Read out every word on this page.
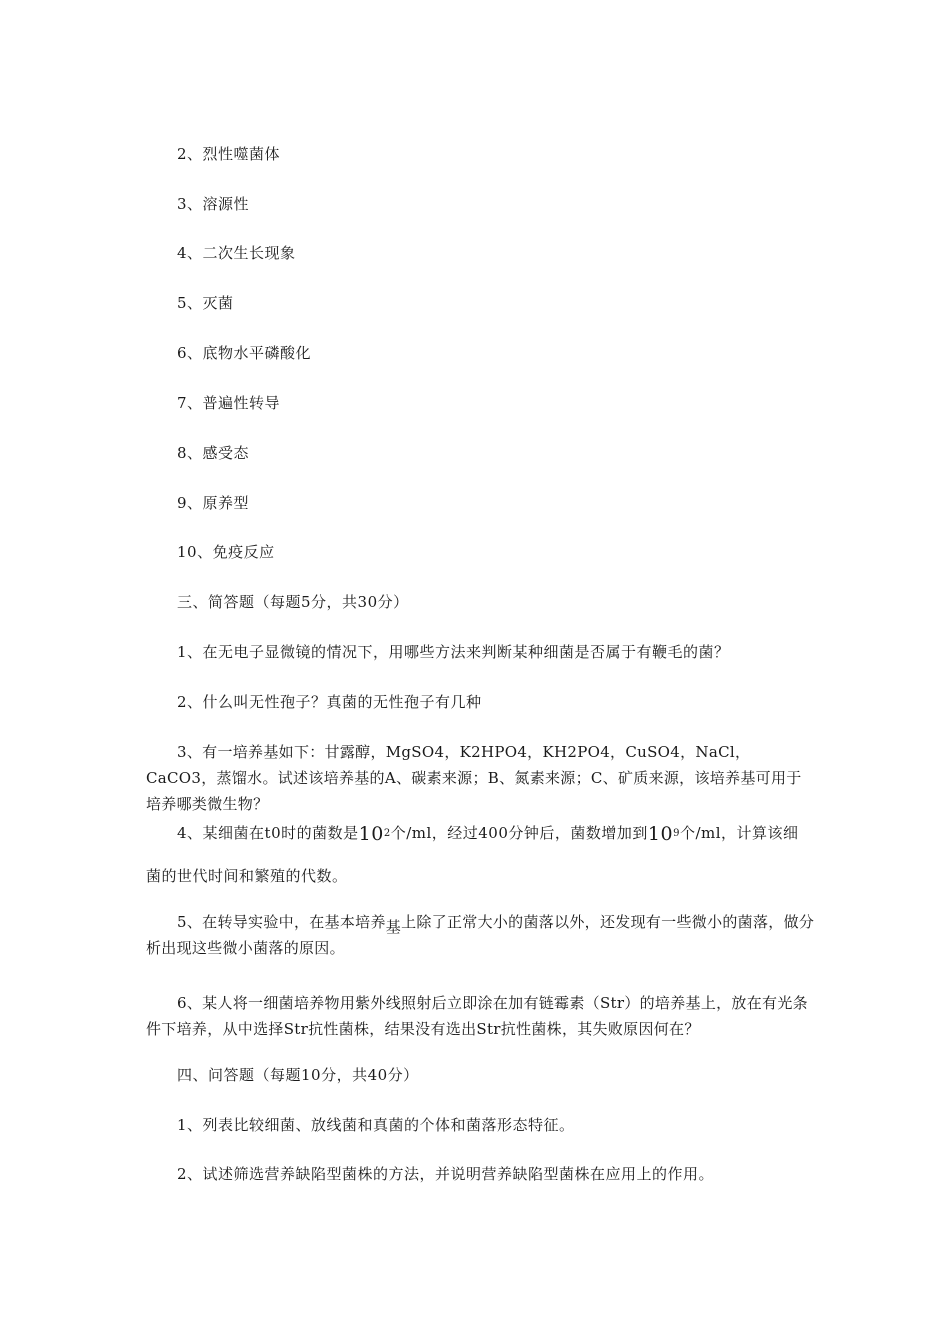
2、烈性噬菌体
3、溶源性
4、二次生长现象
5、灭菌
6、底物水平磷酸化
7、普遍性转导
8、感受态
9、原养型
10、免疫反应
三、简答题（每题5分，共30分）
1、在无电子显微镜的情况下，用哪些方法来判断某种细菌是否属于有鞭毛的菌？
2、什么叫无性孢子？真菌的无性孢子有几种
3、有一培养基如下：甘露醇，MgSO4，K2HPO4，KH2PO4，CuSO4，NaCl，CaCO3，蒸馏水。试述该培养基的A、碳素来源；B、氮素来源；C、矿质来源，该培养基可用于培养哪类微生物？
4、某细菌在t0时的菌数是$10^2$个/ml，经过400分钟后，菌数增加到$10^9$个/ml，计算该细
菌的世代时间和繁殖的代数。
5、在转导实验中，在基本培养基上除了正常大小的菌落以外，还发现有一些微小的菌落，做分析出现这些微小菌落的原因。
6、某人将一细菌培养物用紫外线照射后立即涂在加有链霉素（Str）的培养基上，放在有光条件下培养，从中选择Str抗性菌株，结果没有选出Str抗性菌株，其失败原因何在？
四、问答题（每题10分，共40分）
1、列表比较细菌、放线菌和真菌的个体和菌落形态特征。
2、试述筛选营养缺陷型菌株的方法，并说明营养缺陷型菌株在应用上的作用。
